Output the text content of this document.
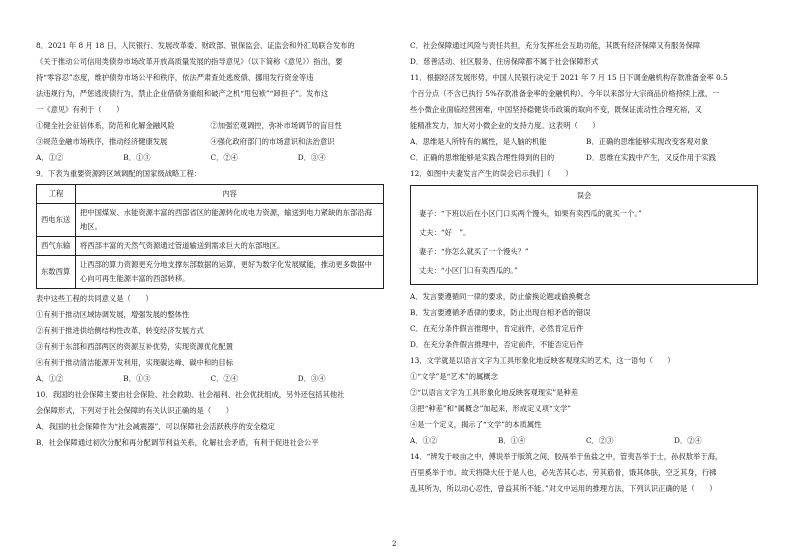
8．2021 年 8 月 18 日，人民银行、发展改革委、财政部、银保监会、证监会和外汇局联合发布的
《关于推动公司信用类债券市场改革开放高质量发展的指导意见》（以下简称《意见》）指出，要
持“零容忍”态度，维护债券市场公平和秩序，依法严肃查处逃废债、挪用发行资金等违
法违规行为，严惩逃废债行为，禁止企业借债务重组和破产之机“甩包袱”“卸担子”。发布这
一《意见》有利于（　　）
①健全社会征信体系，防范和化解金融风险	②加强宏观调控，弥补市场调节的盲目性
③规范金融市场秩序，推动经济健康发展	④强化政府部门的市场意识和法治意识
A．①②	B．①③	C．②④	D．③④
9．下表为重要资源跨区域调配的国家级战略工程：
工程	内容
西电东送	把中国煤炭、水能资源丰富的西部省区的能源转化成电力资源，输送到电力紧缺的东部沿海地区。
西气东输	将西部丰富的天然气资源通过管道输送到需求巨大的东部地区。
东数西算	让西部的算力资源更充分地支撑东部数据的运算，更好为数字化发展赋能，推动更多数据中心向可再生能源丰富的西部转移。
表中这些工程的共同意义是（　　）
①有利于推动区域协调发展，增强发展的整体性
②有利于推进供给侧结构性改革，转变经济发展方式
③有利于东部和西部两区的资源互补优势，实现资源优化配置
④有利于推动清洁能源开发利用，实现碳达峰、碳中和的目标
A．①②	B．①③	C．②④	D．③④
10．我国的社会保障主要由社会保险、社会救助、社会福利、社会优抚组成，另外还包括其他社
会保障形式，下列对于社会保障的有关认识正确的是（　　）
A．我国的社会保障作为“社会减震器”，可以保障社会活跃秩序的安全稳定
B．社会保障通过初次分配和再分配调节利益关系，化解社会矛盾，有利于促进社会公平
C．社会保障通过风险与责任共担，充分发挥社会互助功能，其既有经济保障又有服务保障
D．慈善活动、社区服务、住房保障都不属于社会保障形式
11．根据经济发展形势，中国人民银行决定于 2021 年 7 月 15 日下调金融机构存款准备金率 0.5
个百分点（不含已执行 5%存款准备金率的金融机构）。今年以来部分大宗商品价格持续上涨，一
些小微企业面临经营困难，中国坚持稳健货币政策的取向不变，既保证流动性合理充裕，又
能精准发力，加大对小微企业的支持力度。这表明（　　）
A．思维是人所特有的属性，是人脑的机能	B．正确的思维能够实现改变客观对象
C．正确的思维能够是实践合理性得到的目的	D．思维在实践中产生，又反作用于实践
12．如图中夫妻发言产生的误会启示我们（　　）
误会
妻子：“下班以后在小区门口买两个馒头，如果有卖西瓜的就买一个。”
丈夫：“好　”。
妻子：“你怎么就买了一个馒头？”
丈夫：“小区门口有卖西瓜的。”
A．发言要遵循同一律的要求，防止偷换论题或偷换概念
B．发言要遵循矛盾律的要求，防止出现自相矛盾的错误
C．在充分条件假言推理中，肯定前件，必然肯定后件
D．在充分条件假言推理中，否定前件，不能否定后件
13．文学就是以语言文字为工具形象化地反映客观现实的艺术，这一语句（　　）
①“文学”是“艺术”的属概念
②“以语言文字为工具形象化地反映客观现实”是种差
③把“种差”和“属概念”加起来，形成定义项“文学”
④是一个定义，揭示了“文学”的本质属性
A．①②	B．①④	C．②③	D．②④
14．“辨发于岐亩之中，傅说举于版筑之间，胶鬲举于鱼盐之中，管夷吾举于士，孙叔敖举于海，
百里奚举于市。故天将降大任于是人也，必先苦其心志，劳其筋骨，饿其体肤，空乏其身，行拂
乱其所为，所以动心忍性，曾益其所不能。”对文中运用的推理方法，下列认识正确的是（　　）
2
